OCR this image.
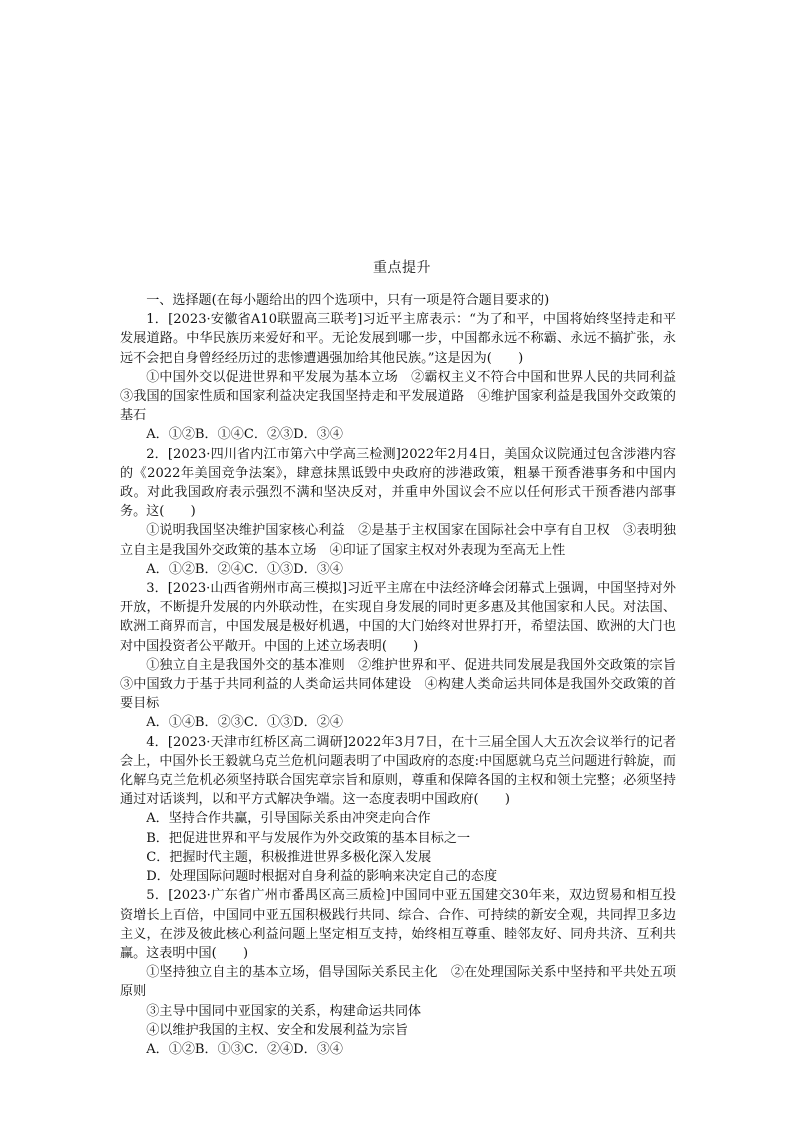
重点提升

一、选择题(在每小题给出的四个选项中，只有一项是符合题目要求的)

1．[2023·安徽省A10联盟高三联考]习近平主席表示：“为了和平，中国将始终坚持走和平发展道路。中华民族历来爱好和平。无论发展到哪一步，中国都永远不称霸、永远不搞扩张，永远不会把自身曾经经历过的悲惨遭遇强加给其他民族。”这是因为(　　)

①中国外交以促进世界和平发展为基本立场　②霸权主义不符合中国和世界人民的共同利益　③我国的国家性质和国家利益决定我国坚持走和平发展道路　④维护国家利益是我国外交政策的基石

A．①②B．①④C．②③D．③④

2．[2023·四川省内江市第六中学高三检测]2022年2月4日，美国众议院通过包含涉港内容的《2022年美国竞争法案》，肆意抹黑诋毁中央政府的涉港政策，粗暴干预香港事务和中国内政。对此我国政府表示强烈不满和坚决反对，并重申外国议会不应以任何形式干预香港内部事务。这(　　)

①说明我国坚决维护国家核心利益　②是基于主权国家在国际社会中享有自卫权　③表明独立自主是我国外交政策的基本立场　④印证了国家主权对外表现为至高无上性

A．①②B．②④C．①③D．③④

3．[2023·山西省朔州市高三模拟]习近平主席在中法经济峰会闭幕式上强调，中国坚持对外开放，不断提升发展的内外联动性，在实现自身发展的同时更多惠及其他国家和人民。对法国、欧洲工商界而言，中国发展是极好机遇，中国的大门始终对世界打开，希望法国、欧洲的大门也对中国投资者公平敞开。中国的上述立场表明(　　)

①独立自主是我国外交的基本准则　②维护世界和平、促进共同发展是我国外交政策的宗旨　③中国致力于基于共同利益的人类命运共同体建设　④构建人类命运共同体是我国外交政策的首要目标

A．①④B．②③C．①③D．②④

4．[2023·天津市红桥区高二调研]2022年3月7日，在十三届全国人大五次会议举行的记者会上，中国外长王毅就乌克兰危机问题表明了中国政府的态度:中国愿就乌克兰问题进行斡旋，而化解乌克兰危机必须坚持联合国宪章宗旨和原则，尊重和保障各国的主权和领土完整；必须坚持通过对话谈判，以和平方式解决争端。这一态度表明中国政府(　　)

A．坚持合作共赢，引导国际关系由冲突走向合作

B．把促进世界和平与发展作为外交政策的基本目标之一

C．把握时代主题，积极推进世界多极化深入发展

D．处理国际问题时根据对自身利益的影响来决定自己的态度

5．[2023·广东省广州市番禺区高三质检]中国同中亚五国建交30年来，双边贸易和相互投资增长上百倍，中国同中亚五国积极践行共同、综合、合作、可持续的新安全观，共同捍卫多边主义，在涉及彼此核心利益问题上坚定相互支持，始终相互尊重、睦邻友好、同舟共济、互利共赢。这表明中国(　　)

①坚持独立自主的基本立场，倡导国际关系民主化　②在处理国际关系中坚持和平共处五项原则

③主导中国同中亚国家的关系，构建命运共同体

④以维护我国的主权、安全和发展利益为宗旨

A．①②B．①③C．②④D．③④
